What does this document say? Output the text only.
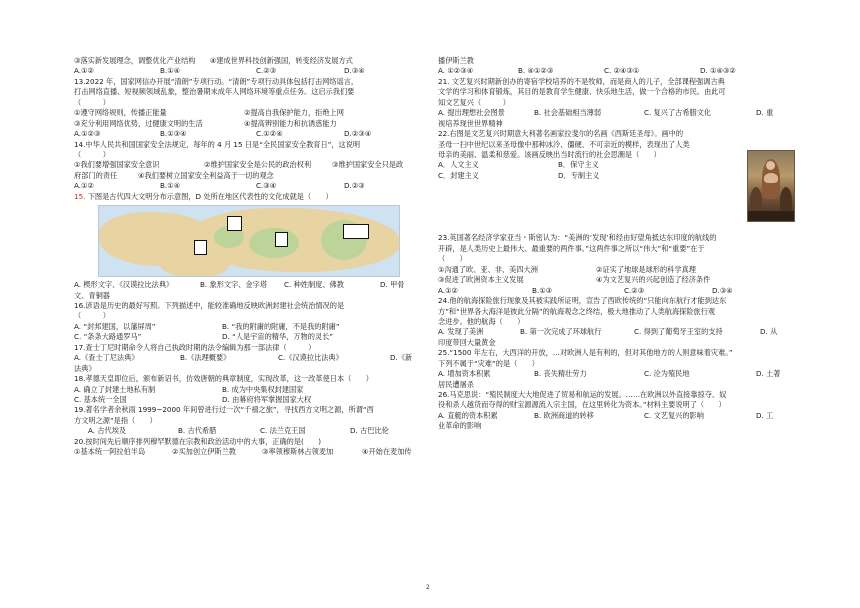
③落实新发展理念，调整优化产业结构　　④建成世界科技创新强国，转变经济发展方式
A.①②	B.①④	C.②③	D.③④
13.2022 年，国家网信办开展“清朗”专项行动。“清朗”专项行动具体包括打击网络谣言，
打击网络直播、短视频领域乱象，整治暑期未成年人网络环境等重点任务。这启示我们要
（　　　）
①遵守网络规则，传播正能量	②提高自我保护能力，拒绝上网
③充分利用网络优势，过健康文明的生活	④提高辨别能力和抗诱惑能力
A.①②③	B.①③④	C.①②④	D.②③④
14.中华人民共和国国家安全法规定，每年的 4 月 15 日是“全民国家安全教育日”，这说明
（　　　）
①我们要增强国家安全意识	②维护国家安全是公民的政治权利	③维护国家安全只是政
府部门的责任	④我们要树立国家安全利益高于一切的观念
A.①②	B.①④	C.③④	D.②③
15. 下图是古代四大文明分布示意图，D 处所在地区代表性的文化成就是（　　）
A. 楔形文字、《汉谟拉比法典》	B. 象形文字、金字塔 C. 种姓制度、佛教	D. 甲骨
文、青铜器
16.谚语是历史的最好写照。下列描述中，能较准确地反映欧洲封建社会统治情况的是
（　　　）
A. “封邦建国，以藩屏周”	B. “我的附庸的附庸，不是我的附庸”
C. “条条大路通罗马”	D. “人是宇宙的精华，万物的灵长”
17.查士丁尼时期命令人将自己执政时期的法令编辑为那一部法律（　　　）
A.《查士丁尼法典》	B.《法理概要》	C.《汉谟拉比法典》	D.《新
法典》
18.孝德天皇即位后，颁布新诏书，仿效唐朝的典章制度，实现改革，这一改革使日本（　　）
A. 确立了封建土地私有制	B. 成为中央集权封建国家
C. 基本统一全国	D. 由幕府将军掌握国家大权
19.著名学者余秋雨 1999~2000 年间曾进行过一次“千禧之旅”，寻找西方文明之源，所谓“西
方文明之源”是指（　　）
A. 古代埃及	B. 古代希腊	C. 法兰克王国	D. 古巴比伦
20.按时间先后顺序排列穆罕默德在宗教和政治活动中的大事，正确的是(　　)
①基本统一阿拉伯半岛	②买加创立伊斯兰教	③率领穆斯林占领麦加	④开始在麦加传
播伊斯兰教
A. ①②③④	B. ④①②③	C. ②④③①	D. ①④③②
21. 文艺复兴时期新创办的寄宿学校培养的不是牧师，而是商人的儿子，全部课程强调古典
文学的学习和体育锻炼，其目的是教育学生健康、快乐地生活，做一个合格的市民。由此可
知文艺复兴（　　　）
A. 提出理想社会图景	B. 社会基础相当薄弱	C. 复兴了古希腊文化	D. 重
视培养现世世界精神
22.右图是文艺复兴时期意大利著名画家拉斐尔的名画《西斯廷圣母》。画中的
圣母一扫中世纪以来圣母像中那种冰冷、僵硬、不可亲近的模样，表现出了人类
母亲的美丽、温柔和慈爱。该画反映出当时流行的社会思潮是（　　）
A．人文主义	B．保守主义
C．封建主义	D．专制主义
23.英国著名经济学家亚当・斯密认为：“美洲的‘发现’和经由好望角抵达东印度的航线的
开辟，是人类历史上最伟大、最重要的两件事。”这两件事之所以“伟大”和“重要”在于
（　　）
①沟通了欧、亚、非、美四大洲	②证实了地球是球形的科学真理
③促进了欧洲资本主义发展	④为文艺复兴的兴起创造了经济条件
A.①②	B.①③	C.②③	D.③④
24.他的航海探险旅行现象及其被实践所证明，宣告了西欧传统的“只能向东航行才能到达东
方”和“世界各大海洋是彼此分隔”的航海观念之终结，极大地推动了人类航海探险旅行观
念进步。他的航海（　　）
A. 发现了美洲	B. 第一次完成了环球航行	C. 得到了葡萄牙王室的支持	D. 从
印度带回大量黄金
25.“1500 年左右，大西洋的开放，…对欧洲人是有利的，但对其他地方的人则意味着灾难。”
下列不属于“灾难”的是（　　）
A. 增加资本积累	B. 丧失精壮劳力	C. 沦为殖民地	D. 土著
居民遭屠杀
26.马克思说：“殖民制度大大地促进了贸易和航运的发展。……在欧洲以外直接靠掠夺、奴
役和杀人越货而夺得的财宝源源流入宗主国，在这里转化为资本。”材料主要说明了（　　）
A. 直艇的资本积累	B. 欧洲商道的转移	C. 文艺复兴的影响	D. 工
业革命的影响
2
